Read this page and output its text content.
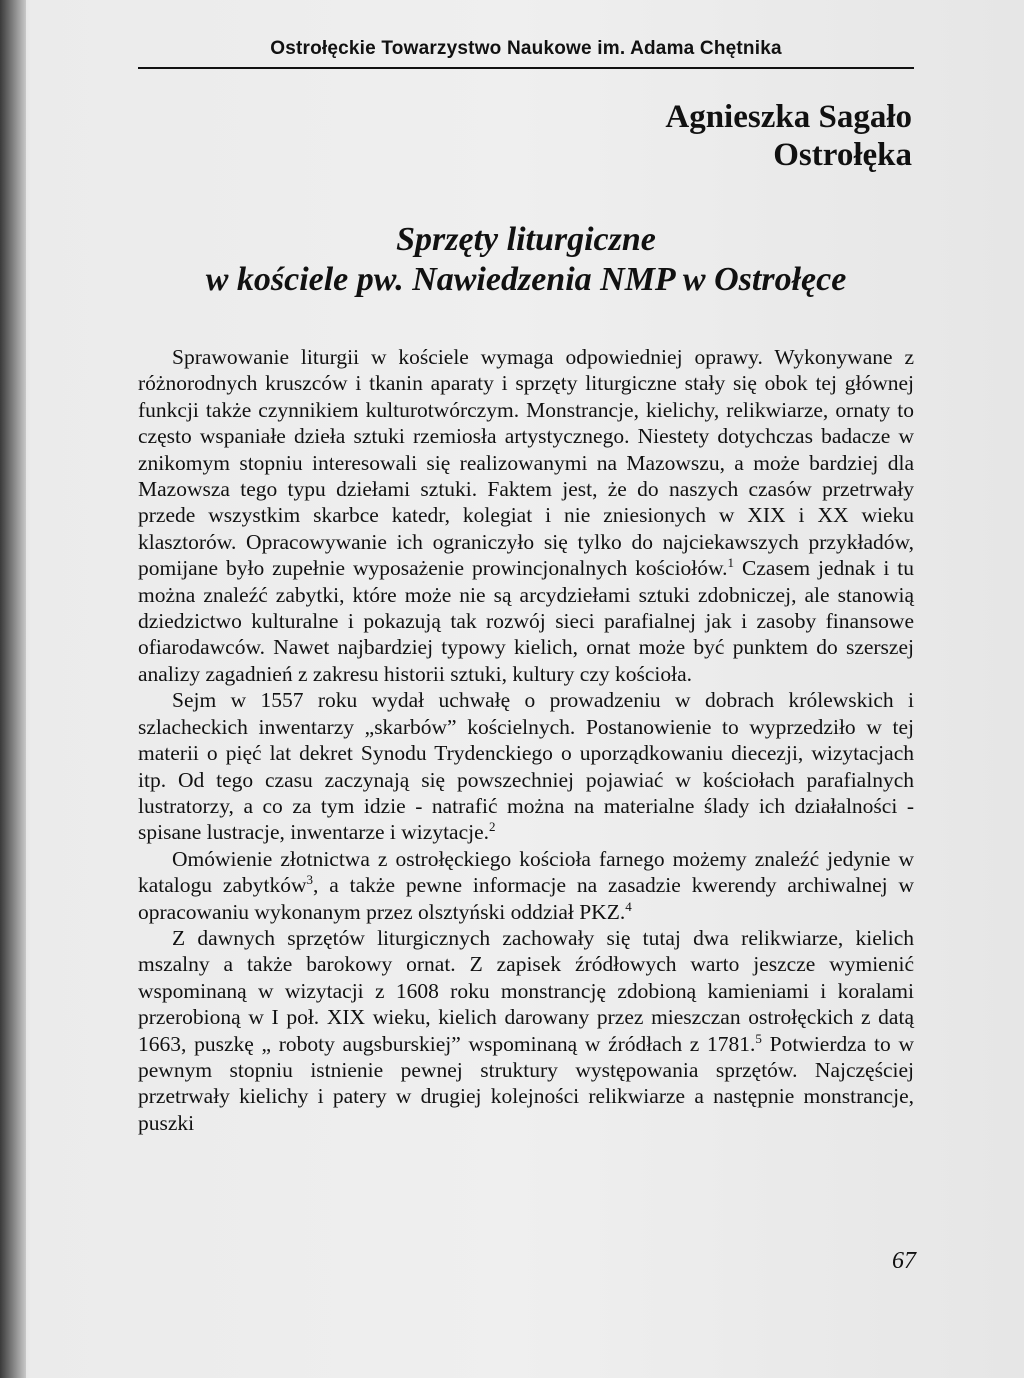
Ostrołęckie Towarzystwo Naukowe im. Adama Chętnika
Agnieszka Sagało
Ostrołęka
Sprzęty liturgiczne
w kościele pw. Nawiedzenia NMP w Ostrołęce

Sprawowanie liturgii w kościele wymaga odpowiedniej oprawy. Wykonywane z różnorodnych kruszców i tkanin aparaty i sprzęty liturgiczne stały się obok tej głównej funkcji także czynnikiem kulturotwórczym. Monstrancje, kielichy, relikwiarze, ornaty to często wspaniałe dzieła sztuki rzemiosła artystycznego. Niestety dotychczas badacze w znikomym stopniu interesowali się realizowanymi na Mazowszu, a może bardziej dla Mazowsza tego typu dziełami sztuki. Faktem jest, że do naszych czasów przetrwały przede wszystkim skarbce katedr, kolegiat i nie zniesionych w XIX i XX wieku klasztorów. Opracowywanie ich ograniczyło się tylko do najciekawszych przykładów, pomijane było zupełnie wyposażenie prowincjonalnych kościołów.$^1$ Czasem jednak i tu można znaleźć zabytki, które może nie są arcydziełami sztuki zdobniczej, ale stanowią dziedzictwo kulturalne i pokazują tak rozwój sieci parafialnej jak i zasoby finansowe ofiarodawców. Nawet najbardziej typowy kielich, ornat może być punktem do szerszej analizy zagadnień z zakresu historii sztuki, kultury czy kościoła.

Sejm w 1557 roku wydał uchwałę o prowadzeniu w dobrach królewskich i szlacheckich inwentarzy „skarbów” kościelnych. Postanowienie to wyprzedziło w tej materii o pięć lat dekret Synodu Trydenckiego o uporządkowaniu diecezji, wizytacjach itp. Od tego czasu zaczynają się powszechniej pojawiać w kościołach parafialnych lustratorzy, a co za tym idzie - natrafić można na materialne ślady ich działalności - spisane lustracje, inwentarze i wizytacje.$^2$

Omówienie złotnictwa z ostrołęckiego kościoła farnego możemy znaleźć jedynie w katalogu zabytków$^3$, a także pewne informacje na zasadzie kwerendy archiwalnej w opracowaniu wykonanym przez olsztyński oddział PKZ.$^4$

Z dawnych sprzętów liturgicznych zachowały się tutaj dwa relikwiarze, kielich mszalny a także barokowy ornat. Z zapisek źródłowych warto jeszcze wymienić wspominaną w wizytacji z 1608 roku monstrancję zdobioną kamieniami i koralami przerobioną w I poł. XIX wieku, kielich darowany przez mieszczan ostrołęckich z datą 1663, puszkę „ roboty augsburskiej” wspominaną w źródłach z 1781.$^5$ Potwierdza to w pewnym stopniu istnienie pewnej struktury występowania sprzętów. Najczęściej przetrwały kielichy i patery w drugiej kolejności relikwiarze a następnie monstrancje, puszki

67
